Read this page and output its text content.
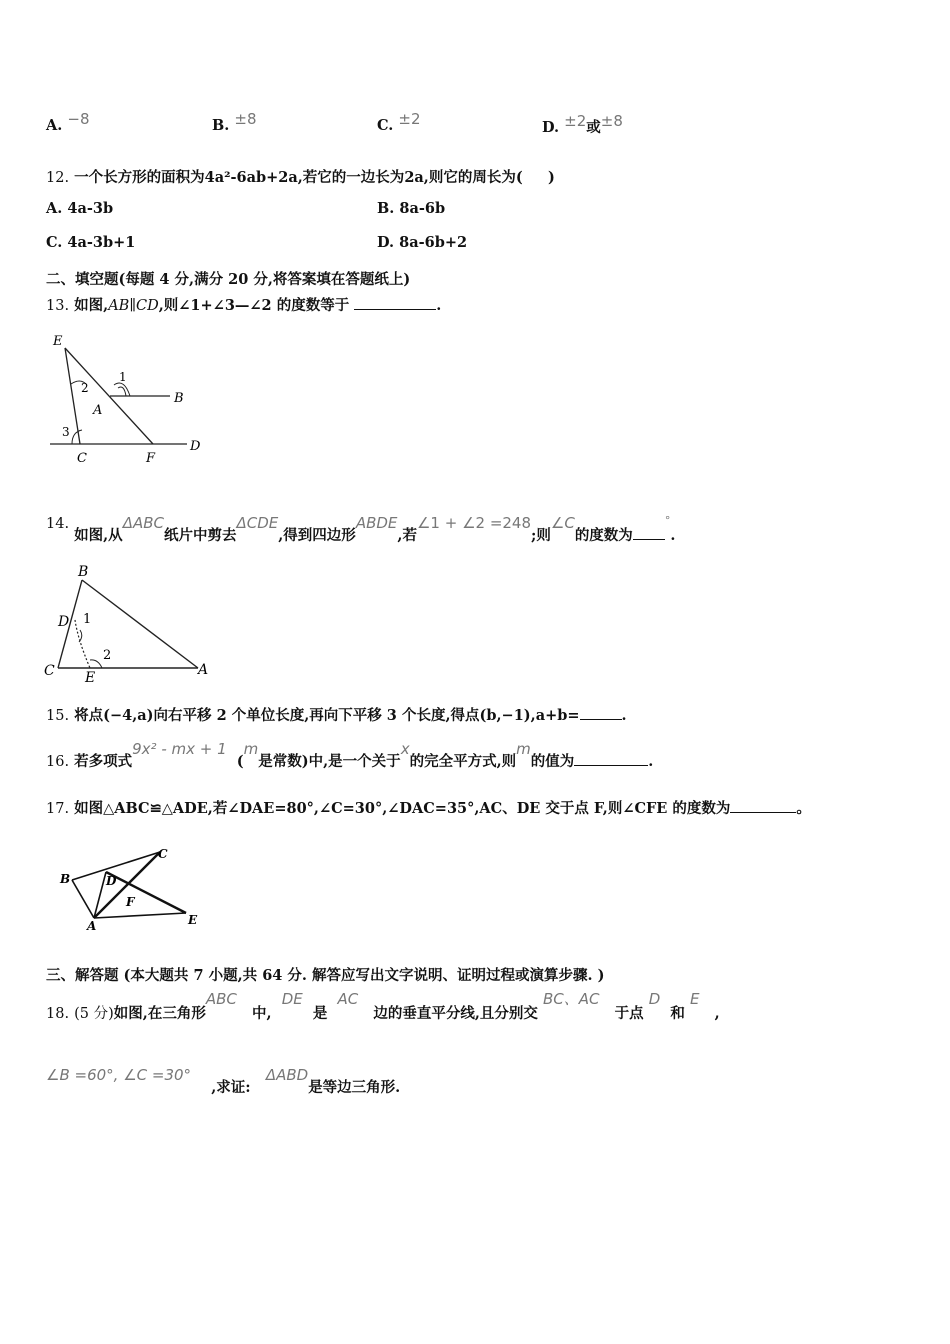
A. −8	B. ±8	C. ±2	D. ±2或±8
12. 一个长方形的面积为4a²-6ab+2a,若它的一边长为2a,则它的周长为( )
A. 4a-3b	B. 8a-6b
C. 4a-3b+1	D. 8a-6b+2
二、填空题(每题 4 分,满分 20 分,将答案填在答题纸上)
13. 如图,AB∥CD,则∠1+∠3—∠2 的度数等于	.
E
B
A
C	F
D
1
2
3
14. 如图,从ΔABC纸片中剪去ΔCDE,得到四边形ABDE,若∠1 + ∠2 =248;则∠C的度数为°.
B
D
C E	A
1
2
15. 将点(−4,a)向右平移 2 个单位长度,再向下平移 3 个长度,得点(b,−1),a+b=	.
16. 若多项式9x² - mx + 1  (m是常数)中,是一个关于x的完全平方式,则m的值为	.
17. 如图△ABC≌△ADE,若∠DAE=80°,∠C=30°,∠DAC=35°,AC、DE 交于点 F,则∠CFE 的度数为	。
C
B	D
F
A	E
三、解答题 (本大题共 7 小题,共 64 分. 解答应写出文字说明、证明过程或演算步骤. )
18. (5 分)如图,在三角形ABC   中,  DE  是  AC   边的垂直平分线,且分别交 BC、AC   于点 D  和 E   ,
∠B =60°, ∠C =30°    ,求证:   ΔABD是等边三角形.
